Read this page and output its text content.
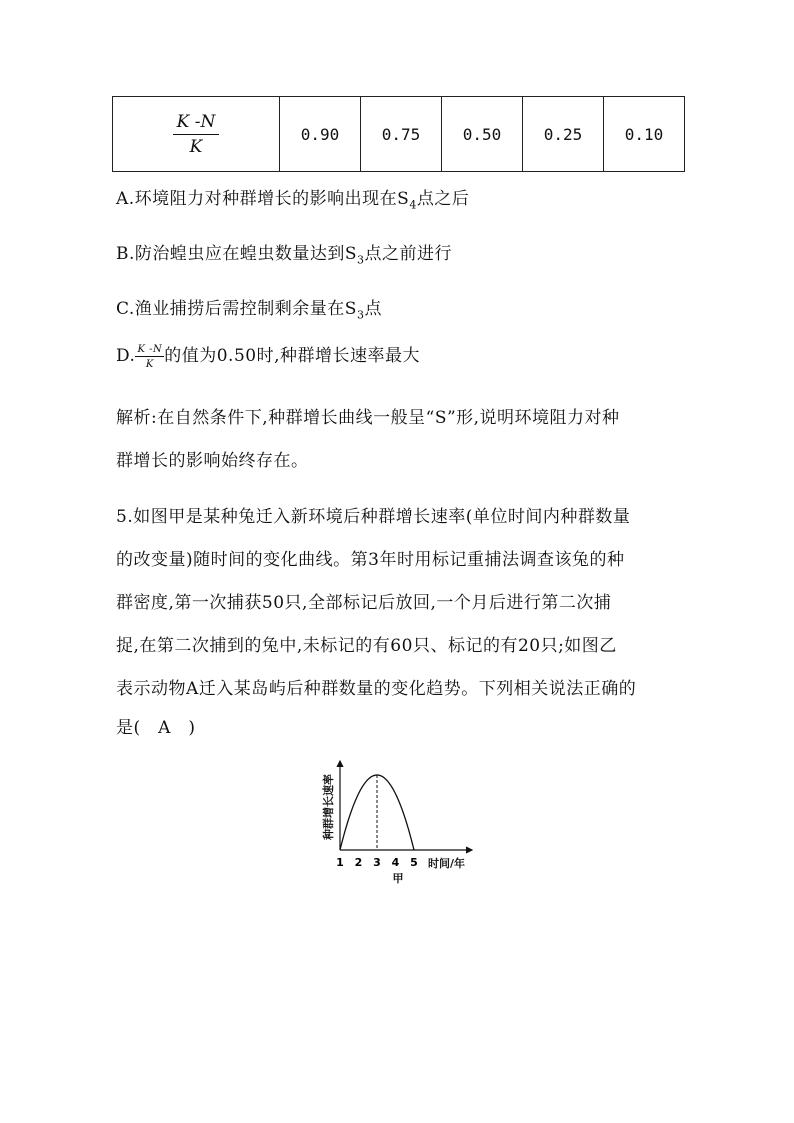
$\frac{K -N}{K}$	0.90	0.75	0.50	0.25	0.10
A.环境阻力对种群增长的影响出现在$S_4$点之后
B.防治蝗虫应在蝗虫数量达到$S_3$点之前进行
C.渔业捕捞后需控制剩余量在$S_3$点
D. $\frac{K -N}{K}$ 的值为0.50时,种群增长速率最大
解析:在自然条件下,种群增长曲线一般呈“S”形,说明环境阻力对种
群增长的影响始终存在。
5.如图甲是某种兔迁入新环境后种群增长速率(单位时间内种群数量
的改变量)随时间的变化曲线。第3年时用标记重捕法调查该兔的种
群密度,第一次捕获50只,全部标记后放回,一个月后进行第二次捕
捉,在第二次捕到的兔中,未标记的有60只、标记的有20只;如图乙
表示动物A迁入某岛屿后种群数量的变化趋势。下列相关说法正确的
是(　A　)
种群增长速率
1 2 3 4 5 时间/年
甲
